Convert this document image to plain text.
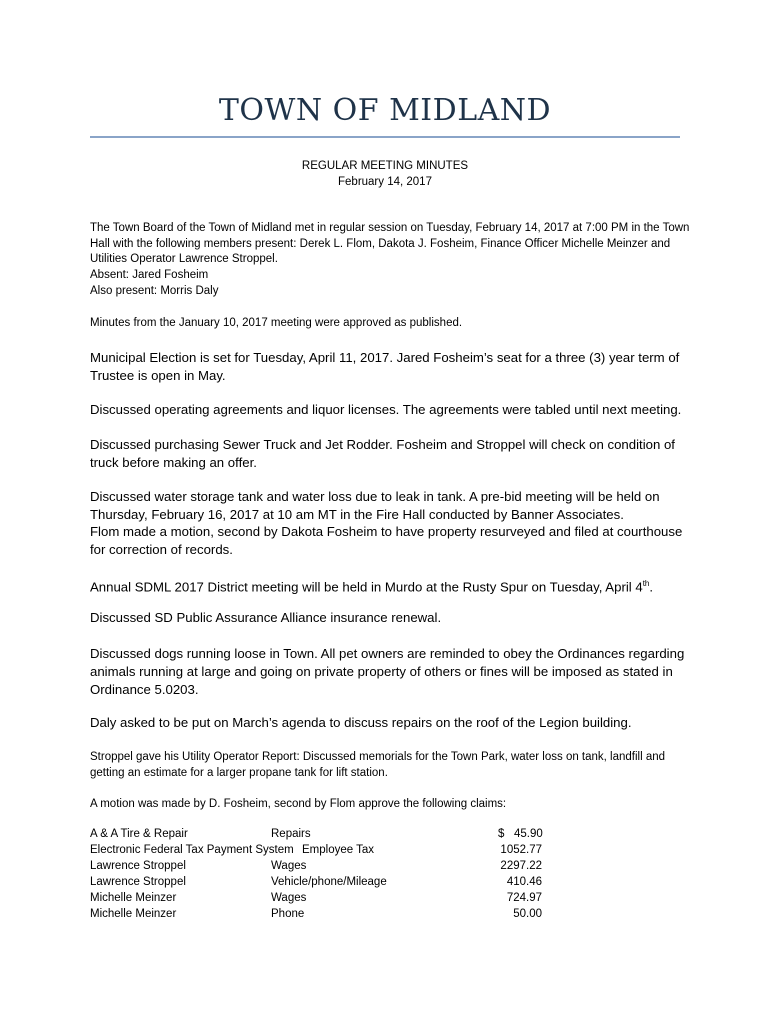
TOWN OF MIDLAND
REGULAR MEETING MINUTES
February 14, 2017

The Town Board of the Town of Midland met in regular session on Tuesday, February 14, 2017 at 7:00 PM in the Town Hall with the following members present: Derek L. Flom, Dakota J. Fosheim, Finance Officer Michelle Meinzer and Utilities Operator Lawrence Stroppel.

Absent: Jared Fosheim

Also present: Morris Daly

Minutes from the January 10, 2017 meeting were approved as published.

Municipal Election is set for Tuesday, April 11, 2017. Jared Fosheim’s seat for a three (3) year term of Trustee is open in May.

Discussed operating agreements and liquor licenses. The agreements were tabled until next meeting.

Discussed purchasing Sewer Truck and Jet Rodder. Fosheim and Stroppel will check on condition of truck before making an offer.

Discussed water storage tank and water loss due to leak in tank. A pre-bid meeting will be held on Thursday, February 16, 2017 at 10 am MT in the Fire Hall conducted by Banner Associates.

Flom made a motion, second by Dakota Fosheim to have property resurveyed and filed at courthouse for correction of records.

Annual SDML 2017 District meeting will be held in Murdo at the Rusty Spur on Tuesday, April 4th.

Discussed SD Public Assurance Alliance insurance renewal.

Discussed dogs running loose in Town. All pet owners are reminded to obey the Ordinances regarding animals running at large and going on private property of others or fines will be imposed as stated in Ordinance 5.0203.

Daly asked to be put on March’s agenda to discuss repairs on the roof of the Legion building.

Stroppel gave his Utility Operator Report: Discussed memorials for the Town Park, water loss on tank, landfill and getting an estimate for a larger propane tank for lift station.

A motion was made by D. Fosheim, second by Flom approve the following claims:

A & A Tire & Repair	Repairs	$   45.90
Electronic Federal Tax Payment System Employee Tax	1052.77
Lawrence Stroppel	Wages	2297.22
Lawrence Stroppel	Vehicle/phone/Mileage	410.46
Michelle Meinzer	Wages	724.97
Michelle Meinzer	Phone	50.00
